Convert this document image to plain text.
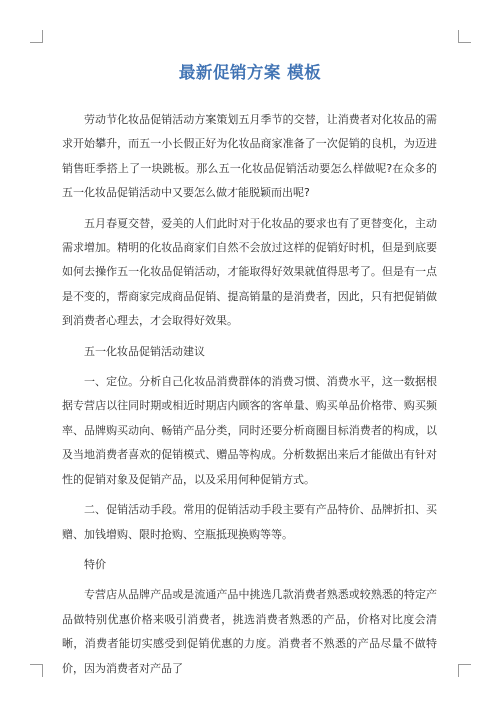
最新促销方案 模板

劳动节化妆品促销活动方案策划五月季节的交替，让消费者对化妆品的需求开始攀升，而五一小长假正好为化妆品商家准备了一次促销的良机，为迈进销售旺季搭上了一块跳板。那么五一化妆品促销活动要怎么样做呢?在众多的五一化妆品促销活动中又要怎么做才能脱颖而出呢?

五月春夏交替，爱美的人们此时对于化妆品的要求也有了更替变化，主动需求增加。精明的化妆品商家们自然不会放过这样的促销好时机，但是到底要如何去操作五一化妆品促销活动，才能取得好效果就值得思考了。但是有一点是不变的，帮商家完成商品促销、提高销量的是消费者，因此，只有把促销做到消费者心理去，才会取得好效果。

五一化妆品促销活动建议

一、定位。分析自己化妆品消费群体的消费习惯、消费水平，这一数据根据专营店以往同时期或相近时期店内顾客的客单量、购买单品价格带、购买频率、品牌购买动向、畅销产品分类，同时还要分析商圈目标消费者的构成，以及当地消费者喜欢的促销模式、赠品等构成。分析数据出来后才能做出有针对性的促销对象及促销产品，以及采用何种促销方式。

二、促销活动手段。常用的促销活动手段主要有产品特价、品牌折扣、买赠、加钱增购、限时抢购、空瓶抵现换购等等。

特价

专营店从品牌产品或是流通产品中挑选几款消费者熟悉或较熟悉的特定产品做特别优惠价格来吸引消费者，挑选消费者熟悉的产品，价格对比度会清晰，消费者能切实感受到促销优惠的力度。消费者不熟悉的产品尽量不做特价，因为消费者对产品了
